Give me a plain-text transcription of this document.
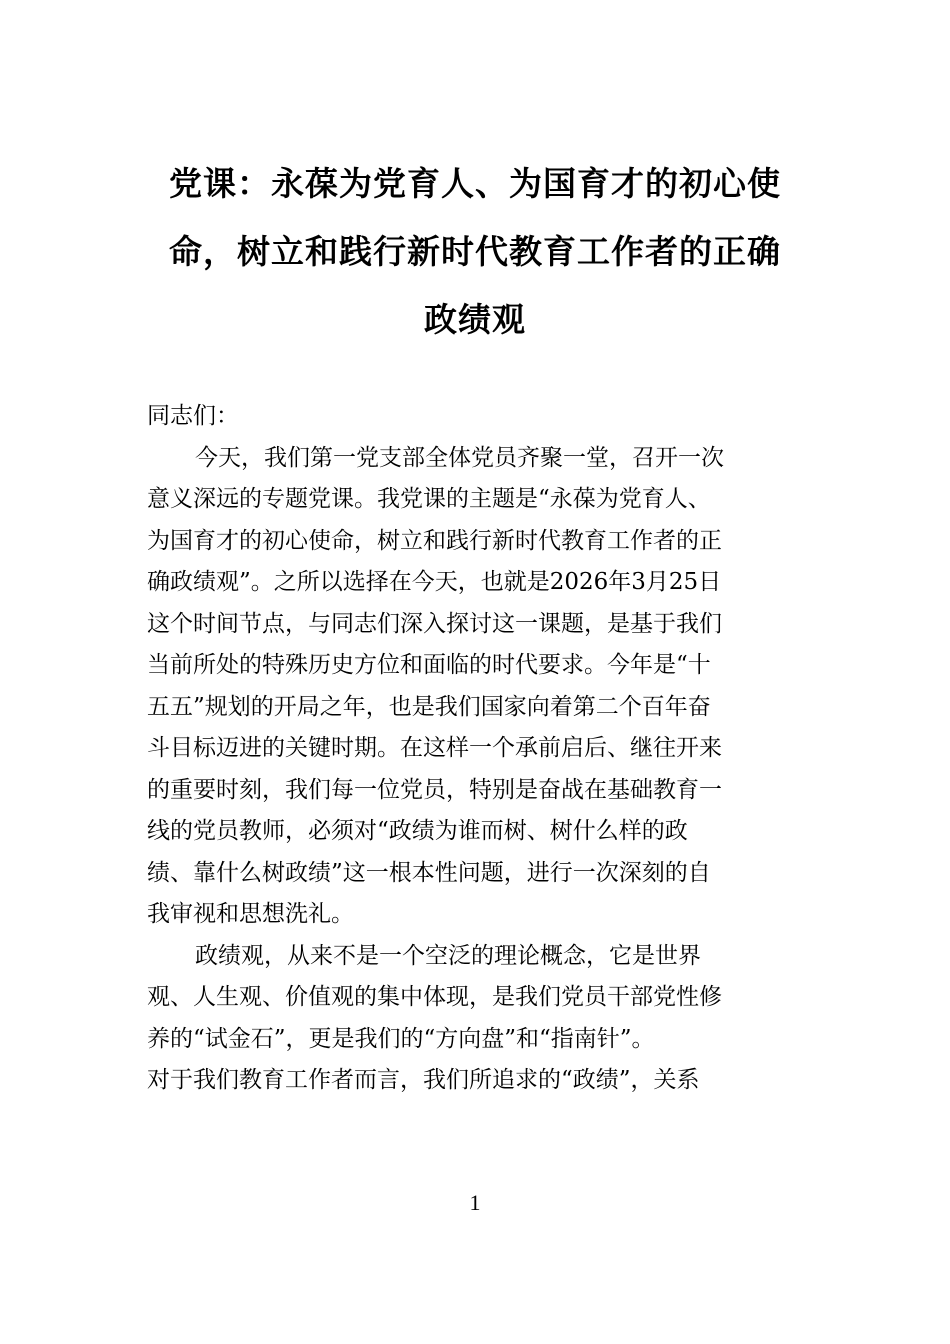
党课：永葆为党育人、为国育才的初心使
命，树立和践行新时代教育工作者的正确
政绩观

同志们：

今天，我们第一党支部全体党员齐聚一堂，召开一次
意义深远的专题党课。我党课的主题是“永葆为党育人、
为国育才的初心使命，树立和践行新时代教育工作者的正
确政绩观”。之所以选择在今天，也就是2026年3月25日
这个时间节点，与同志们深入探讨这一课题，是基于我们
当前所处的特殊历史方位和面临的时代要求。今年是“十
五五”规划的开局之年，也是我们国家向着第二个百年奋
斗目标迈进的关键时期。在这样一个承前启后、继往开来
的重要时刻，我们每一位党员，特别是奋战在基础教育一
线的党员教师，必须对“政绩为谁而树、树什么样的政
绩、靠什么树政绩”这一根本性问题，进行一次深刻的自
我审视和思想洗礼。

政绩观，从来不是一个空泛的理论概念，它是世界
观、人生观、价值观的集中体现，是我们党员干部党性修
养的“试金石”，更是我们的“方向盘”和“指南针”。
对于我们教育工作者而言，我们所追求的“政绩”，关系

1
